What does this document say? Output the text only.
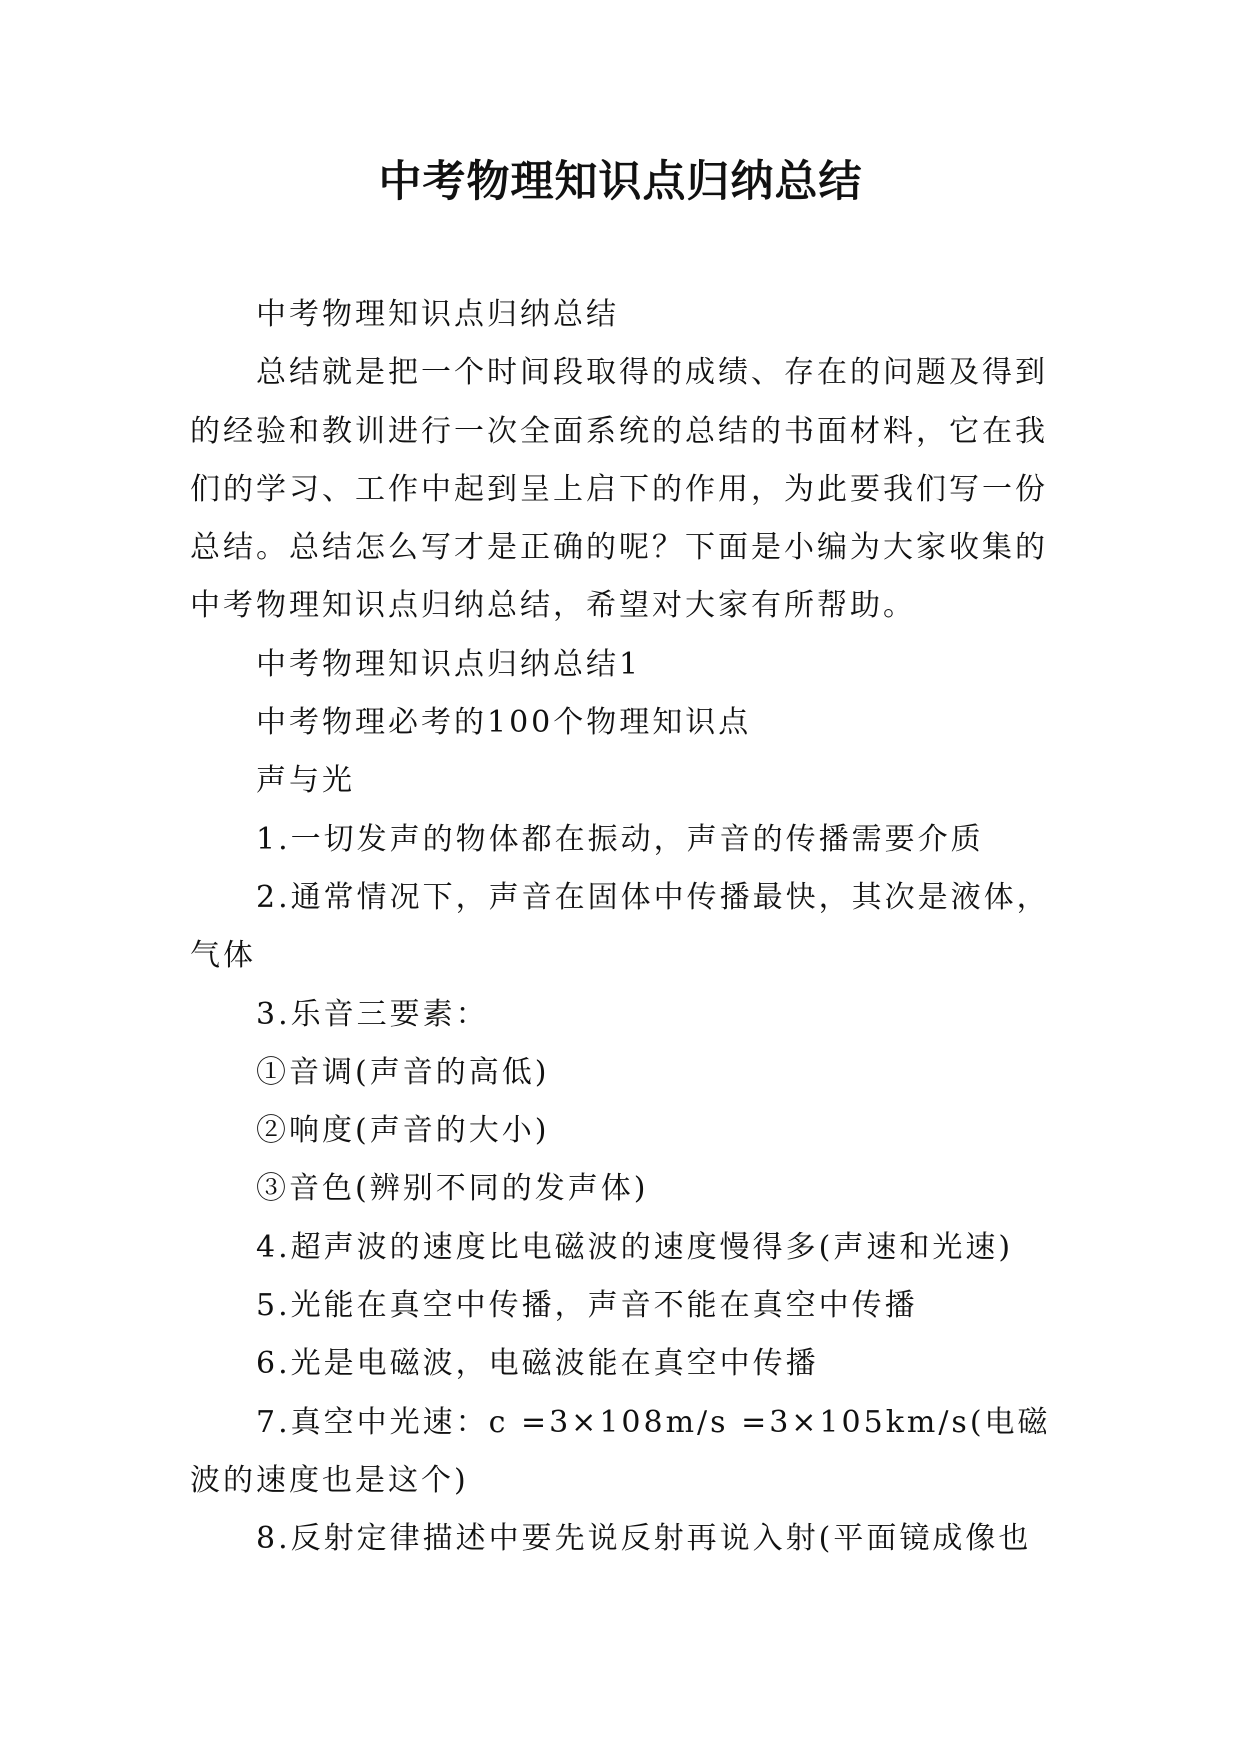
中考物理知识点归纳总结

中考物理知识点归纳总结

总结就是把一个时间段取得的成绩、存在的问题及得到的经验和教训进行一次全面系统的总结的书面材料，它在我们的学习、工作中起到呈上启下的作用，为此要我们写一份总结。总结怎么写才是正确的呢？下面是小编为大家收集的中考物理知识点归纳总结，希望对大家有所帮助。

中考物理知识点归纳总结1

中考物理必考的100个物理知识点

声与光

1.一切发声的物体都在振动，声音的传播需要介质

2.通常情况下，声音在固体中传播最快，其次是液体，气体

3.乐音三要素：

①音调(声音的高低)

②响度(声音的大小)

③音色(辨别不同的发声体)

4.超声波的速度比电磁波的速度慢得多(声速和光速)

5.光能在真空中传播，声音不能在真空中传播

6.光是电磁波，电磁波能在真空中传播

7.真空中光速：c =3×108m/s =3×105km/s(电磁波的速度也是这个)

8.反射定律描述中要先说反射再说入射(平面镜成像也
